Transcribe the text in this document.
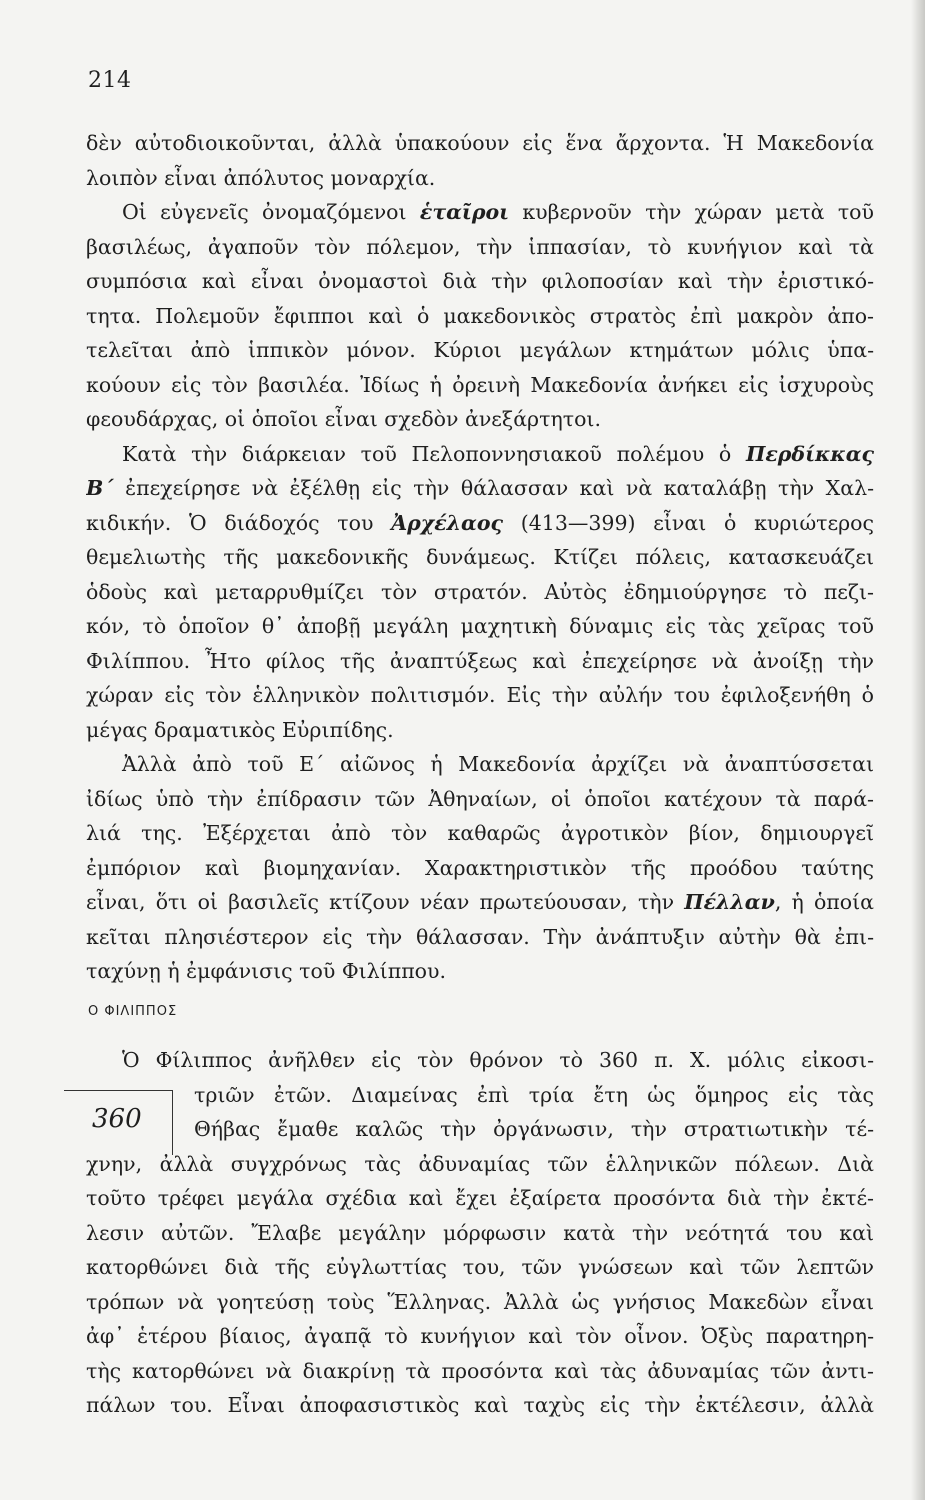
214
δὲν αὐτοδιοικοῦνται, ἀλλὰ ὑπακούουν εἰς ἕνα ἄρχοντα. Ἡ Μακεδονία
λοιπὸν εἶναι ἀπόλυτος μοναρχία.
Οἱ εὐγενεῖς ὀνομαζόμενοι ἑταῖροι κυβερνοῦν τὴν χώραν μετὰ τοῦ
βασιλέως, ἀγαποῦν τὸν πόλεμον, τὴν ἱππασίαν, τὸ κυνήγιον καὶ τὰ
συμπόσια καὶ εἶναι ὀνομαστοὶ διὰ τὴν φιλοποσίαν καὶ τὴν ἐριστικό-
τητα. Πολεμοῦν ἔφιπποι καὶ ὁ μακεδονικὸς στρατὸς ἐπὶ μακρὸν ἀπο-
τελεῖται ἀπὸ ἱππικὸν μόνον. Κύριοι μεγάλων κτημάτων μόλις ὑπα-
κούουν εἰς τὸν βασιλέα. Ἰδίως ἡ ὀρεινὴ Μακεδονία ἀνήκει εἰς ἰσχυροὺς
φεουδάρχας, οἱ ὁποῖοι εἶναι σχεδὸν ἀνεξάρτητοι.
Κατὰ τὴν διάρκειαν τοῦ Πελοποννησιακοῦ πολέμου ὁ Περδίκκας
Β΄ ἐπεχείρησε νὰ ἐξέλθῃ εἰς τὴν θάλασσαν καὶ νὰ καταλάβῃ τὴν Χαλ-
κιδικήν. Ὁ διάδοχός του Ἀρχέλαος (413—399) εἶναι ὁ κυριώτερος
θεμελιωτὴς τῆς μακεδονικῆς δυνάμεως. Κτίζει πόλεις, κατασκευάζει
ὁδοὺς καὶ μεταρρυθμίζει τὸν στρατόν. Αὐτὸς ἐδημιούργησε τὸ πεζι-
κόν, τὸ ὁποῖον θ᾽ ἀποβῇ μεγάλη μαχητικὴ δύναμις εἰς τὰς χεῖρας τοῦ
Φιλίππου. Ἦτο φίλος τῆς ἀναπτύξεως καὶ ἐπεχείρησε νὰ ἀνοίξῃ τὴν
χώραν εἰς τὸν ἑλληνικὸν πολιτισμόν. Εἰς τὴν αὐλήν του ἐφιλοξενήθη ὁ
μέγας δραματικὸς Εὐριπίδης.
Ἀλλὰ ἀπὸ τοῦ Ε΄ αἰῶνος ἡ Μακεδονία ἀρχίζει νὰ ἀναπτύσσεται
ἰδίως ὑπὸ τὴν ἐπίδρασιν τῶν Ἀθηναίων, οἱ ὁποῖοι κατέχουν τὰ παρά-
λιά της. Ἐξέρχεται ἀπὸ τὸν καθαρῶς ἀγροτικὸν βίον, δημιουργεῖ
ἐμπόριον καὶ βιομηχανίαν. Χαρακτηριστικὸν τῆς προόδου ταύτης
εἶναι, ὅτι οἱ βασιλεῖς κτίζουν νέαν πρωτεύουσαν, τὴν Πέλλαν, ἡ ὁποία
κεῖται πλησιέστερον εἰς τὴν θάλασσαν. Τὴν ἀνάπτυξιν αὐτὴν θὰ ἐπι-
ταχύνῃ ἡ ἐμφάνισις τοῦ Φιλίππου.
Ο ΦΙΛΙΠΠΟΣ
360
Ὁ Φίλιππος ἀνῆλθεν εἰς τὸν θρόνον τὸ 360 π. Χ. μόλις εἰκοσι-
τριῶν ἐτῶν. Διαμείνας ἐπὶ τρία ἔτη ὡς ὅμηρος εἰς τὰς
Θήβας ἔμαθε καλῶς τὴν ὀργάνωσιν, τὴν στρατιωτικὴν τέ-
χνην, ἀλλὰ συγχρόνως τὰς ἀδυναμίας τῶν ἑλληνικῶν πόλεων. Διὰ
τοῦτο τρέφει μεγάλα σχέδια καὶ ἔχει ἐξαίρετα προσόντα διὰ τὴν ἐκτέ-
λεσιν αὐτῶν. Ἔλαβε μεγάλην μόρφωσιν κατὰ τὴν νεότητά του καὶ
κατορθώνει διὰ τῆς εὐγλωττίας του, τῶν γνώσεων καὶ τῶν λεπτῶν
τρόπων νὰ γοητεύσῃ τοὺς Ἕλληνας. Ἀλλὰ ὡς γνήσιος Μακεδὼν εἶναι
ἀφ᾽ ἑτέρου βίαιος, ἀγαπᾷ τὸ κυνήγιον καὶ τὸν οἶνον. Ὀξὺς παρατηρη-
τὴς κατορθώνει νὰ διακρίνῃ τὰ προσόντα καὶ τὰς ἀδυναμίας τῶν ἀντι-
πάλων του. Εἶναι ἀποφασιστικὸς καὶ ταχὺς εἰς τὴν ἐκτέλεσιν, ἀλλὰ
